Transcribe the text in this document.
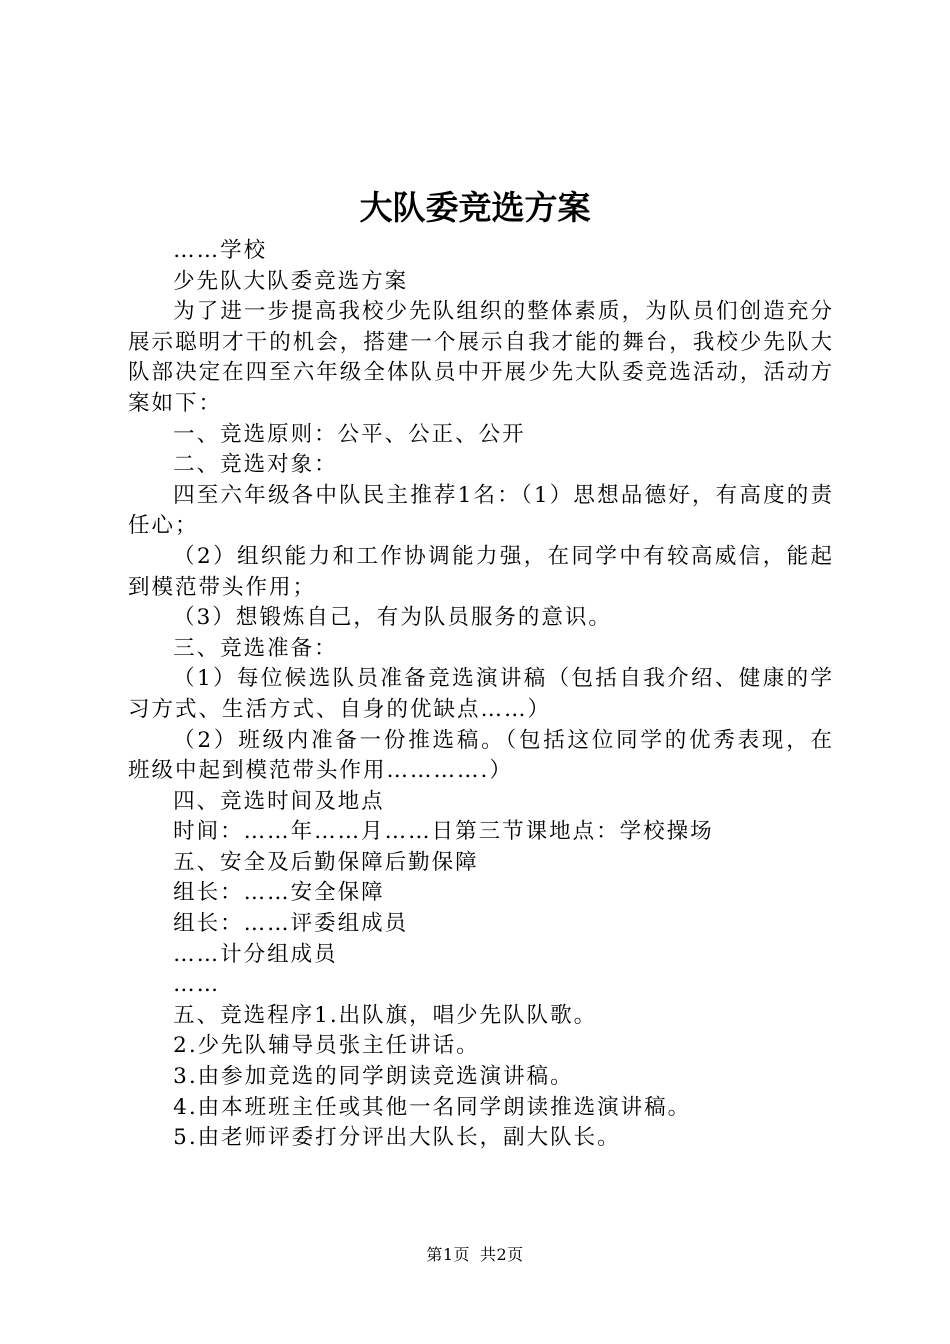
大队委竞选方案

……学校

少先队大队委竞选方案

为了进一步提高我校少先队组织的整体素质，为队员们创造充分展示聪明才干的机会，搭建一个展示自我才能的舞台，我校少先队大队部决定在四至六年级全体队员中开展少先大队委竞选活动，活动方案如下：

一、竞选原则：公平、公正、公开

二、竞选对象：

四至六年级各中队民主推荐1名：（1）思想品德好，有高度的责任心；

（2）组织能力和工作协调能力强，在同学中有较高威信，能起到模范带头作用；

（3）想锻炼自己，有为队员服务的意识。

三、竞选准备：

（1）每位候选队员准备竞选演讲稿（包括自我介绍、健康的学习方式、生活方式、自身的优缺点……）

（2）班级内准备一份推选稿。（包括这位同学的优秀表现，在班级中起到模范带头作用………….）

四、竞选时间及地点

时间：……年……月……日第三节课地点：学校操场

五、安全及后勤保障后勤保障

组长：……安全保障

组长：……评委组成员

……计分组成员

……

五、竞选程序1.出队旗，唱少先队队歌。

2.少先队辅导员张主任讲话。

3.由参加竞选的同学朗读竞选演讲稿。

4.由本班班主任或其他一名同学朗读推选演讲稿。

5.由老师评委打分评出大队长，副大队长。

第1页 共2页
